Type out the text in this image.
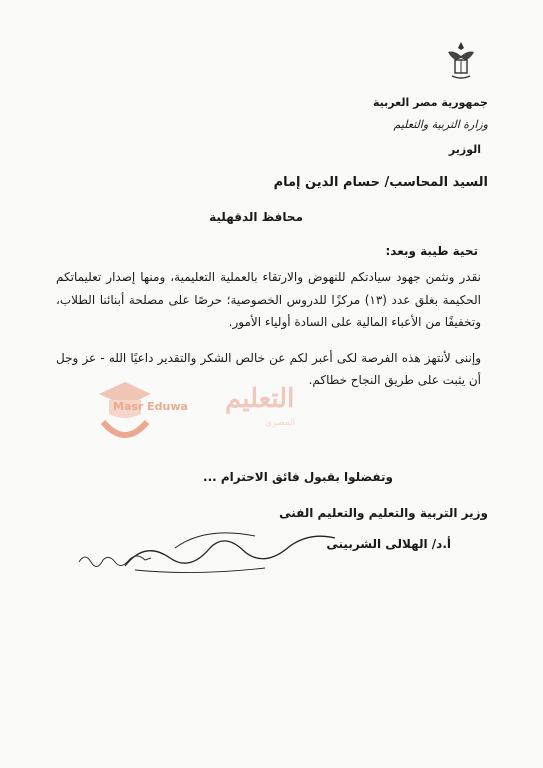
جمهورية مصر العربية
وزارة التربية والتعليم
الوزير
السيد المحاسب/ حسام الدين إمام
محافظ الدقهلية
تحية طيبة وبعد:

نقدر ونثمن جهود سيادتكم للنهوض والارتقاء بالعملية التعليمية، ومنها إصدار تعليماتكم الحكيمة بغلق عدد (١٣) مركزًا للدروس الخصوصية؛ حرصًا على مصلحة أبنائنا الطلاب، وتخفيفًا من الأعباء المالية على السادة أولياء الأمور.

وإننى لأنتهز هذه الفرصة لكى أعبر لكم عن خالص الشكر والتقدير داعيًا الله - عز وجل أن يثبت على طريق النجاح خطاكم.

Masr Eduwa التعليم
المصرى
وتفضلوا بقبول فائق الاحترام ...
وزير التربية والتعليم والتعليم الفنى
أ.د/ الهلالى الشربينى
